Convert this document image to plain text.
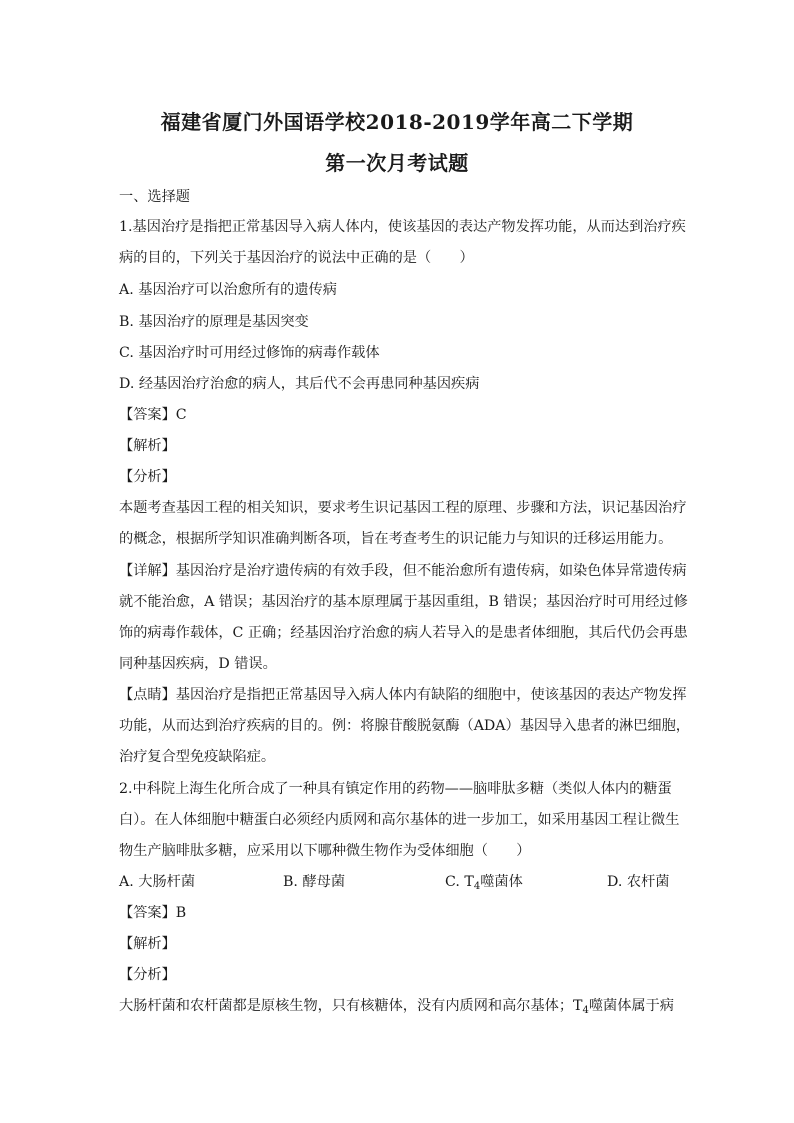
福建省厦门外国语学校2018-2019学年高二下学期
第一次月考试题
一、选择题
1.基因治疗是指把正常基因导入病人体内，使该基因的表达产物发挥功能，从而达到治疗疾
病的目的，下列关于基因治疗的说法中正确的是（　　）
A. 基因治疗可以治愈所有的遗传病
B. 基因治疗的原理是基因突变
C. 基因治疗时可用经过修饰的病毒作载体
D. 经基因治疗治愈的病人，其后代不会再患同种基因疾病
【答案】C
【解析】
【分析】
本题考查基因工程的相关知识，要求考生识记基因工程的原理、步骤和方法，识记基因治疗
的概念，根据所学知识准确判断各项，旨在考查考生的识记能力与知识的迁移运用能力。
【详解】基因治疗是治疗遗传病的有效手段，但不能治愈所有遗传病，如染色体异常遗传病
就不能治愈，A 错误；基因治疗的基本原理属于基因重组，B 错误；基因治疗时可用经过修
饰的病毒作载体，C 正确；经基因治疗治愈的病人若导入的是患者体细胞，其后代仍会再患
同种基因疾病，D 错误。
【点睛】基因治疗是指把正常基因导入病人体内有缺陷的细胞中，使该基因的表达产物发挥
功能，从而达到治疗疾病的目的。例：将腺苷酸脱氨酶（ADA）基因导入患者的淋巴细胞，
治疗复合型免疫缺陷症。
2.中科院上海生化所合成了一种具有镇定作用的药物——脑啡肽多糖（类似人体内的糖蛋
白）。在人体细胞中糖蛋白必须经内质网和高尔基体的进一步加工，如采用基因工程让微生
物生产脑啡肽多糖，应采用以下哪种微生物作为受体细胞（　　）
A. 大肠杆菌	B. 酵母菌	C. $T_4$噬菌体	D. 农杆菌
【答案】B
【解析】
【分析】
大肠杆菌和农杆菌都是原核生物，只有核糖体，没有内质网和高尔基体；$T_4$噬菌体属于病
